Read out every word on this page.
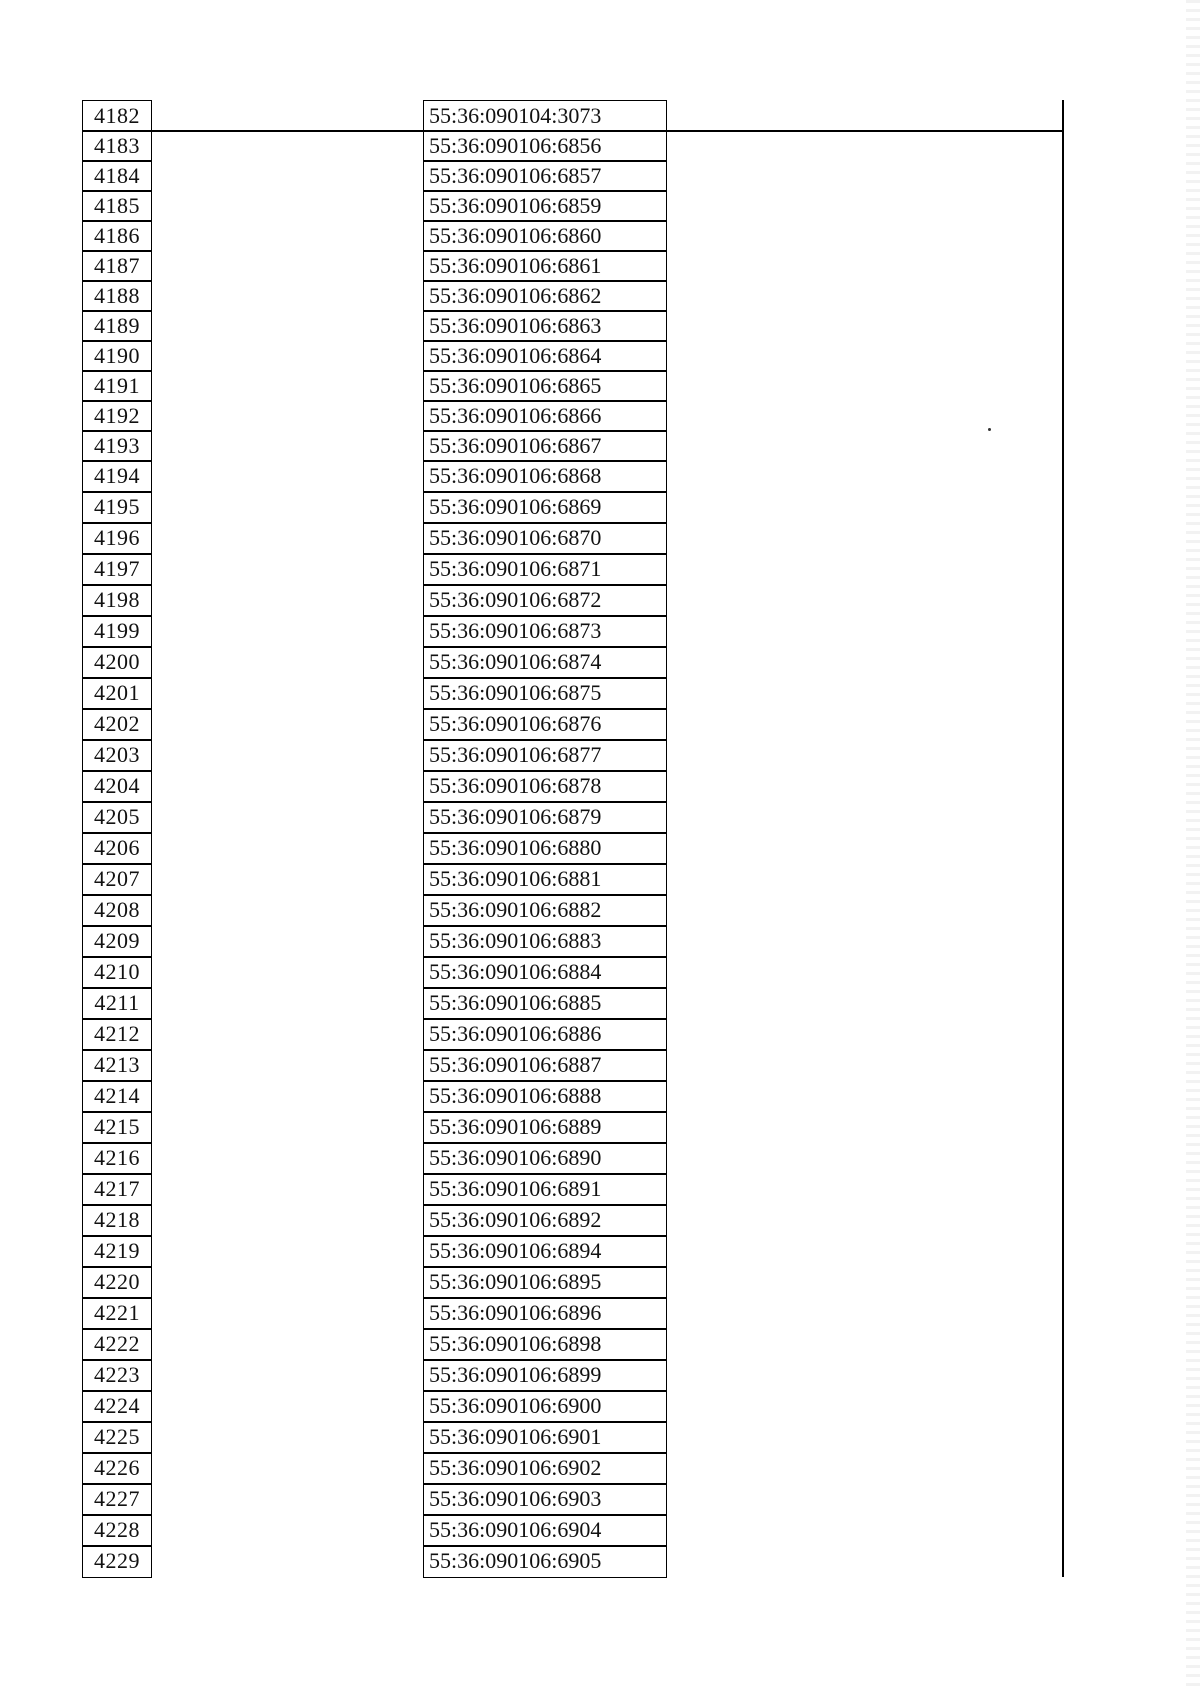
4182	55:36:090104:3073
4183	55:36:090106:6856
4184	55:36:090106:6857
4185	55:36:090106:6859
4186	55:36:090106:6860
4187	55:36:090106:6861
4188	55:36:090106:6862
4189	55:36:090106:6863
4190	55:36:090106:6864
4191	55:36:090106:6865
4192	55:36:090106:6866
4193	55:36:090106:6867
4194	55:36:090106:6868
4195	55:36:090106:6869
4196	55:36:090106:6870
4197	55:36:090106:6871
4198	55:36:090106:6872
4199	55:36:090106:6873
4200	55:36:090106:6874
4201	55:36:090106:6875
4202	55:36:090106:6876
4203	55:36:090106:6877
4204	55:36:090106:6878
4205	55:36:090106:6879
4206	55:36:090106:6880
4207	55:36:090106:6881
4208	55:36:090106:6882
4209	55:36:090106:6883
4210	55:36:090106:6884
4211	55:36:090106:6885
4212	55:36:090106:6886
4213	55:36:090106:6887
4214	55:36:090106:6888
4215	55:36:090106:6889
4216	55:36:090106:6890
4217	55:36:090106:6891
4218	55:36:090106:6892
4219	55:36:090106:6894
4220	55:36:090106:6895
4221	55:36:090106:6896
4222	55:36:090106:6898
4223	55:36:090106:6899
4224	55:36:090106:6900
4225	55:36:090106:6901
4226	55:36:090106:6902
4227	55:36:090106:6903
4228	55:36:090106:6904
4229	55:36:090106:6905
